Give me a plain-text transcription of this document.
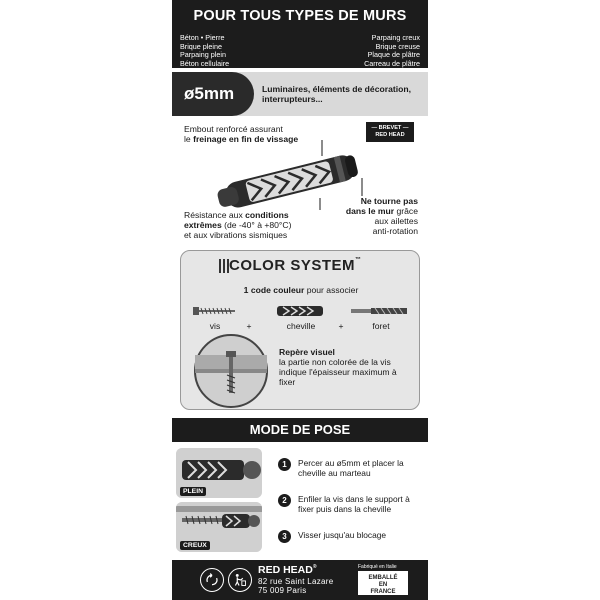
POUR TOUS TYPES DE MURS
Béton • Pierre
Brique pleine
Parpaing plein
Béton cellulaire
Parpaing creux
Brique creuse
Plaque de plâtre
Carreau de plâtre
ø5mm	Luminaires, éléments de décoration, interrupteurs...
Embout renforcé assurant
le freinage en fin de vissage
— BREVET —
RED HEAD
Résistance aux conditions
extrêmes (de -40° à +80°C)
et aux vibrations sismiques
Ne tourne pas
dans le mur grâce
aux ailettes
anti-rotation
COLOR SYSTEM™
1 code couleur pour associer
vis	+	cheville	+	foret
Repère visuel
la partie non colorée de la vis indique l'épaisseur maximum à fixer
MODE DE POSE
PLEIN
CREUX
1	Percer au ø5mm et placer la cheville au marteau
2	Enfiler la vis dans le support à fixer puis dans la cheville
3	Visser jusqu'au blocage
RED HEAD®
82 rue Saint Lazare
75 009 Paris
Fabriqué en Italie
EMBALLÉ
EN
FRANCE
